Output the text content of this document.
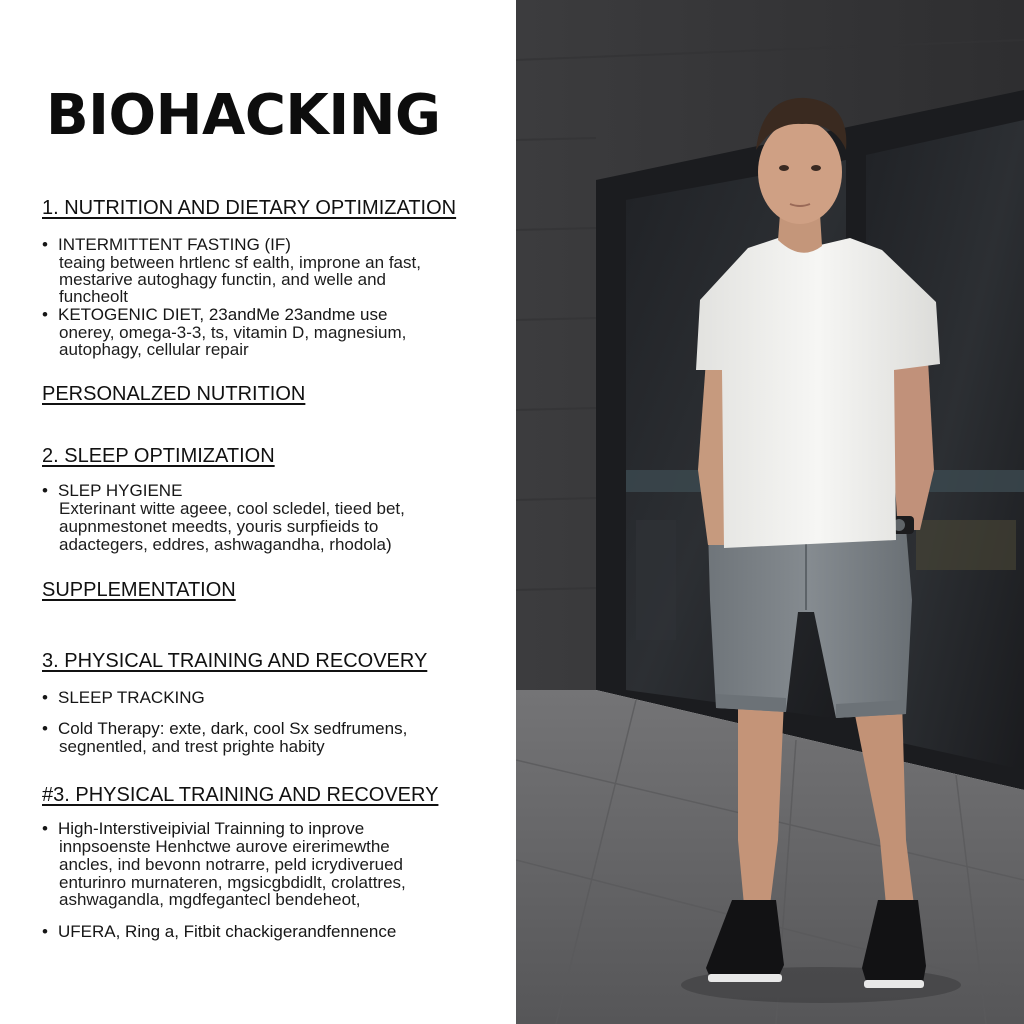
BIOHACKING
1. NUTRITION AND DIETARY OPTIMIZATION
• INTERMITTENT FASTING (IF)
teaing between hrtlenc sf ealth, improne an fast,
mestarive autoghagy functin, and welle and
funcheolt
• KETOGENIC DIET, 23andMe 23andme use
onerey, omega-3-3, ts, vitamin D, magnesium,
autophagy, cellular repair
PERSONALZED NUTRITION
2. SLEEP OPTIMIZATION
• SLEP HYGIENE
Exterinant witte ageee, cool scledel, tieed bet,
aupnmestonet meedts, youris surpfieids to
adactegers, eddres, ashwagandha, rhodola)
SUPPLEMENTATION
3. PHYSICAL TRAINING AND RECOVERY
• SLEEP TRACKING
• Cold Therapy: exte, dark, cool Sx sedfrumens,
segnentled, and trest prighte habity
#3. PHYSICAL TRAINING AND RECOVERY
• High-Interstiveipivial Trainning to inprove
innpsoenste Henhctwe aurove eirerimewthe
ancles, ind bevonn notrarre, peld icrydiverued
enturinro murnateren, mgsicgbdidlt, crolattres,
ashwagandla, mgdfegantecl bendeheot,
• UFERA, Ring a, Fitbit chackigerandfennence
